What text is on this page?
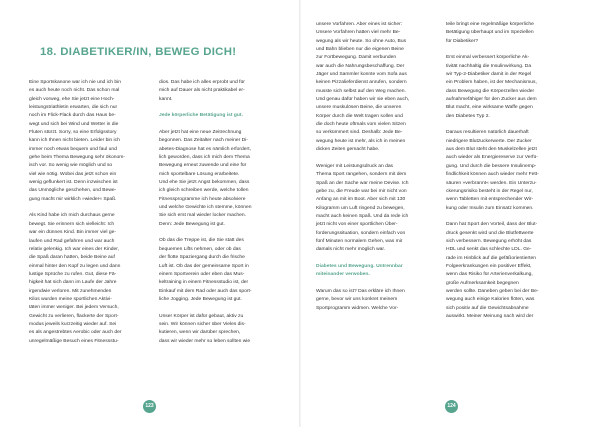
18. DIABETIKER/IN, BEWEG DICH!

Eine Sportskanone war ich nie und ich bin
es auch heute noch nicht. Das schon mal
gleich vorweg, ehe Sie jetzt eine Hoch-
leistungstriathletin erwarten, die sich nur
noch im Flick-Flack durch das Haus be-
wegt und sich bei Wind und Wetter in die
Fluten stürzt. Sorry, so eine Erfolgsstory
kann ich Ihnen nicht bieten. Leider bin ich
immer noch etwas bequem und faul und
gehe beim Thema Bewegung sehr ökonom-
isch vor. So wenig wie möglich und so
viel wie nötig. Wobei das jetzt schon ein
wenig geflunkert ist. Denn inzwischen ist
das Unmögliche geschehen, und Bewe-
gung macht mir wirklich »wieder« Spaß.

Als Kind habe ich mich durchaus gerne
bewegt. Sie erinnern sich vielleicht: Ich
war ein dünnes Kind. Bin immer viel ge-
laufen und Rad gefahren und war auch
relativ gelenkig. Ich war eines der Kinder,
die Spaß daran hatten, beide Beine auf
einmal hinter den Kopf zu legen und dann
lustige Sprüche zu rufen. Gut, diese Fä-
higkeit hat sich dann im Laufe der Jahre
irgendwie verloren. Mit zunehmenden
Kilos wurden meine sportlichen Aktivi-
täten immer weniger. Bei jedem Versuch,
Gewicht zu verlieren, flackerte der Sport-
modus jeweils kurzzeitig wieder auf. Sei
es als angestrebtes Aerobic oder auch der
unregelmäßige Besuch eines Fitnessstu-

dios. Das habe ich alles erprobt und für
mich auf Dauer als nicht praktikabel er-
kannt.

Jede körperliche Betätigung ist gut.

Aber jetzt hat eine neue Zeitrechnung
begonnen. Das Zeitalter nach meiner Di-
abetes-Diagnose hat es nämlich erfordert,
lich geworden, dass ich mich dem Thema
Bewegung erneut zuwende und eine für
mich sportelbare Lösung erarbeitete.
Und ehe Sie jetzt Angst bekommen, dass
ich gleich schreiben werde, welche tollen
Fitnessprogramme ich heute absolviere
und welche Gewichte ich stemme, können
Sie sich erst mal wieder locker machen.
Denn: Jede Bewegung ist gut.

Ob das die Treppe ist, die Sie statt des
bequemen Lifts nehmen, oder ob das
der flotte Spaziergang durch die frische
Luft ist. Ob das der gemeinsame Sport in
einem Sportverein oder eben das Mus-
keltraining in einem Fitnessstudio ist, der
Einkauf mit dem Rad oder auch das sport-
liche Jogging. Jede Bewegung ist gut.

Unser Körper ist dafür gebaut, aktiv zu
sein. Wir können sicher über Vieles dis-
kutieren, wenn wir darüber sprechen,
dass wir wieder mehr so leben sollten wie

unsere Vorfahren. Aber eines ist sicher:
Unsere Vorfahren hatten viel mehr Be-
wegung als wir heute. So ohne Auto, Bus
und Bahn blieben nur die eigenen Beine
zur Fortbewegung. Damit verbunden
war auch die Nahrungsbeschaffung. Der
Jäger und Sammler konnte vom Sofa aus
keinen Pizzalieferdienst anrufen, sondern
musste sich selbst auf den Weg machen.
Und genau dafür haben wir sie eben auch,
unsere muskulösen Beine, die unseren
Körper durch die Welt tragen sollen und
die doch heute oftmals vom vielen Sitzen
so verkümmert sind. Deshalb: Jede Be-
wegung heute ist mehr, als ich in meinen
dicken Zeiten gemacht habe.

Weniger mit Leistungsdruck an das
Thema Sport rangehen, sondern mit dem
Spaß an der Sache war meine Devise. Ich
gebe zu, die Freude war bei mir nicht von
Anfang an mit im Boot. Aber sich mit 130
Kilogramm um Luft ringend zu bewegen,
macht auch keinen Spaß. Und da rede ich
jetzt nicht von einer sportlichen Über-
forderungssituation, sondern einfach von
fünf Minuten normalem Gehen, was mir
damals nicht mehr möglich war.

Diabetes und Bewegung. Untrennbar
miteinander verwoben.

Warum das so ist? Das erkläre ich Ihnen
gerne, bevor wir uns konkret meinem
Sportprogramm widmen. Welche Vor-

teile bringt eine regelmäßige körperliche
Betätigung überhaupt und im Speziellen
für Diabetiker?

Erst einmal verbessert körperliche Ak-
tivität nachhaltig die Insulinwirkung. Da
wir Typ-2-Diabetiker damit in der Regel
ein Problem haben, ist der Mechanismus,
dass Bewegung die Körperzellen wieder
aufnahmefähiger für den Zucker aus dem
Blut macht, eine wirksame Waffe gegen
den Diabetes Typ 2.

Daraus resultieren natürlich dauerhaft
niedrigere Blutzuckerwerte. Der Zucker
aus dem Blut steht den Muskelzellen jetzt
auch wieder als Energiereserve zur Verfü-
gung. Und durch die bessere Insulinemp-
findlichkeit können auch wieder mehr Fett-
säuren »verbrannt« werden. Ein Unterzu-
ckerungsrisiko besteht in der Regel nur,
wenn Tabletten mit entsprechender Wir-
kung oder Insulin zum Einsatz kommen.

Dann hat Sport den Vorteil, dass der Blut-
druck gesenkt wird und die Blutfettwerte
sich verbessern. Bewegung erhöht das
HDL und senkt das schlechte LDL. Ge-
rade im Hinblick auf die gefäßorientierten
Folgeerkrankungen ein positiver Effekt,
wenn das Risiko für Arterienverkalkung,
große Aufmerksamkeit begegnen
werden sollte. Daneben geben bei der Be-
wegung auch einige Kalorien flöten, was
sich positiv auf die Gewichtsabnahme
auswirkt. Meiner Meinung nach wird der

123	124
